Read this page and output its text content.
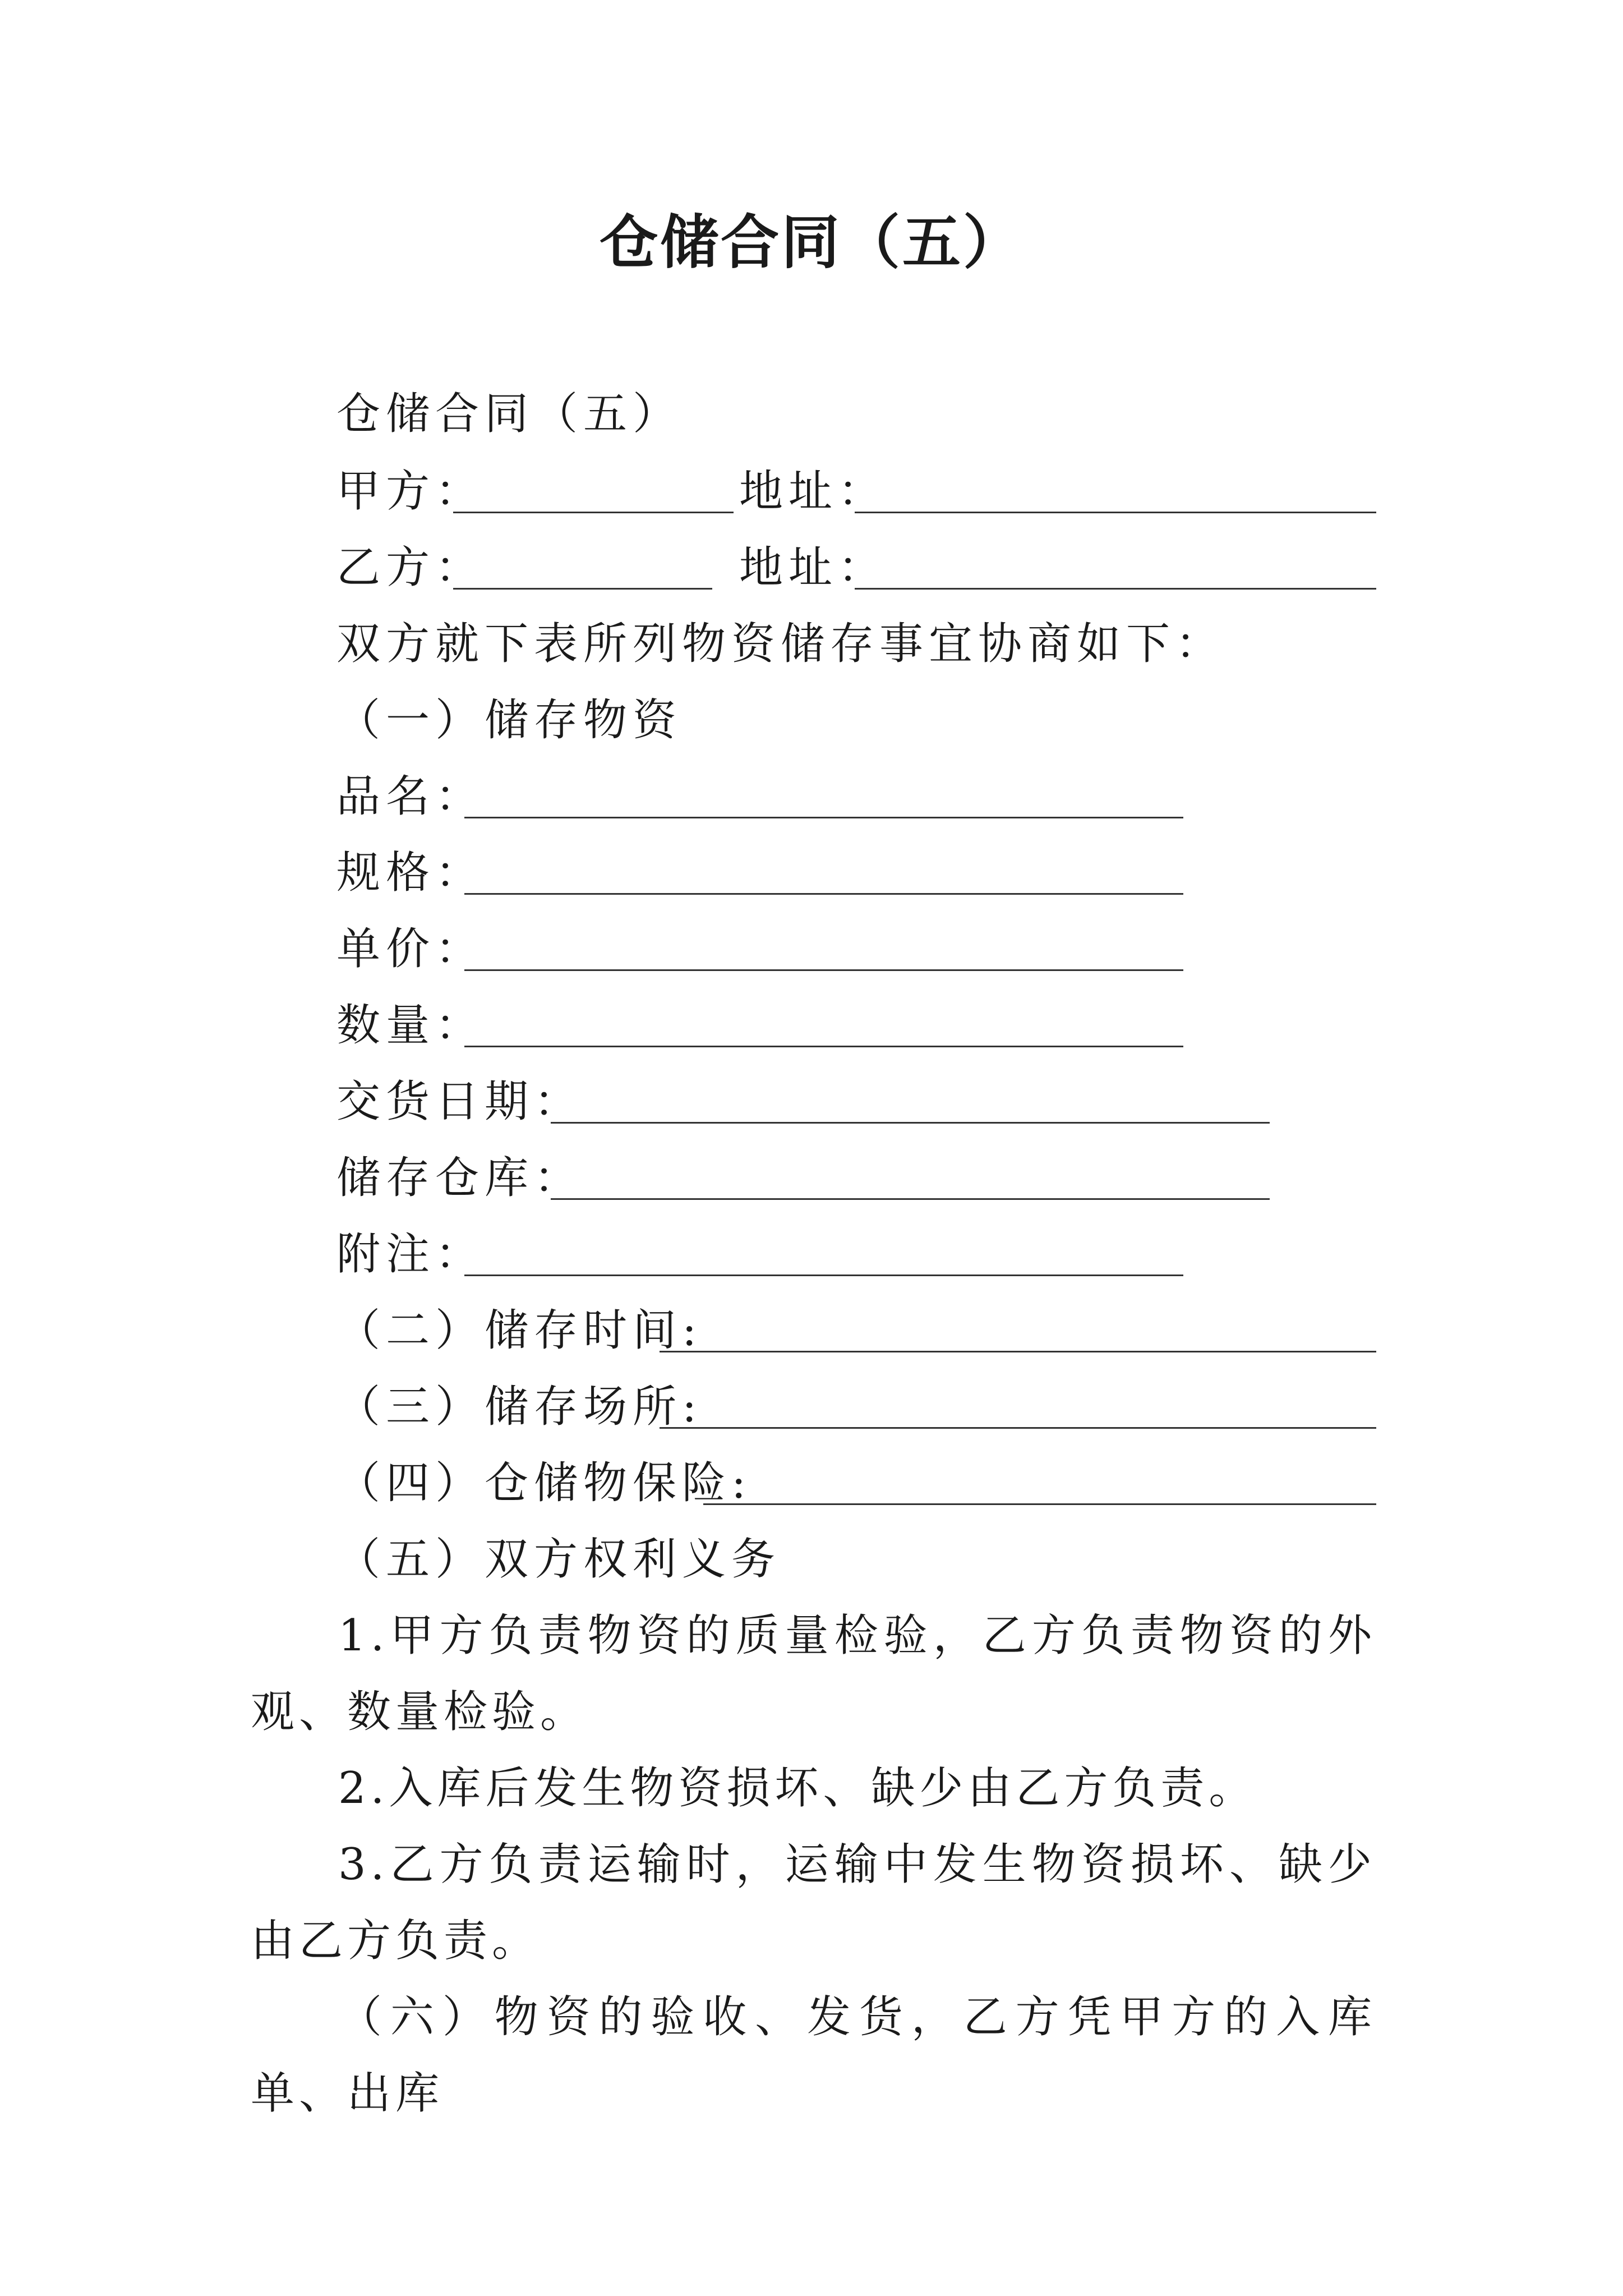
仓储合同（五）
仓储合同（五）
甲方：	地址：
乙方：	地址：
双方就下表所列物资储存事宜协商如下：
（一）储存物资
品名：
规格：
单价：
数量：
交货日期：
储存仓库：
附注：
（二）储存时间:
（三）储存场所:
（四）仓储物保险:
（五）双方权利义务

1.甲方负责物资的质量检验，乙方负责物资的外观、数量检验。

2.入库后发生物资损坏、缺少由乙方负责。

3.乙方负责运输时，运输中发生物资损坏、缺少由乙方负责。

（六）物资的验收、发货，乙方凭甲方的入库单、出库
